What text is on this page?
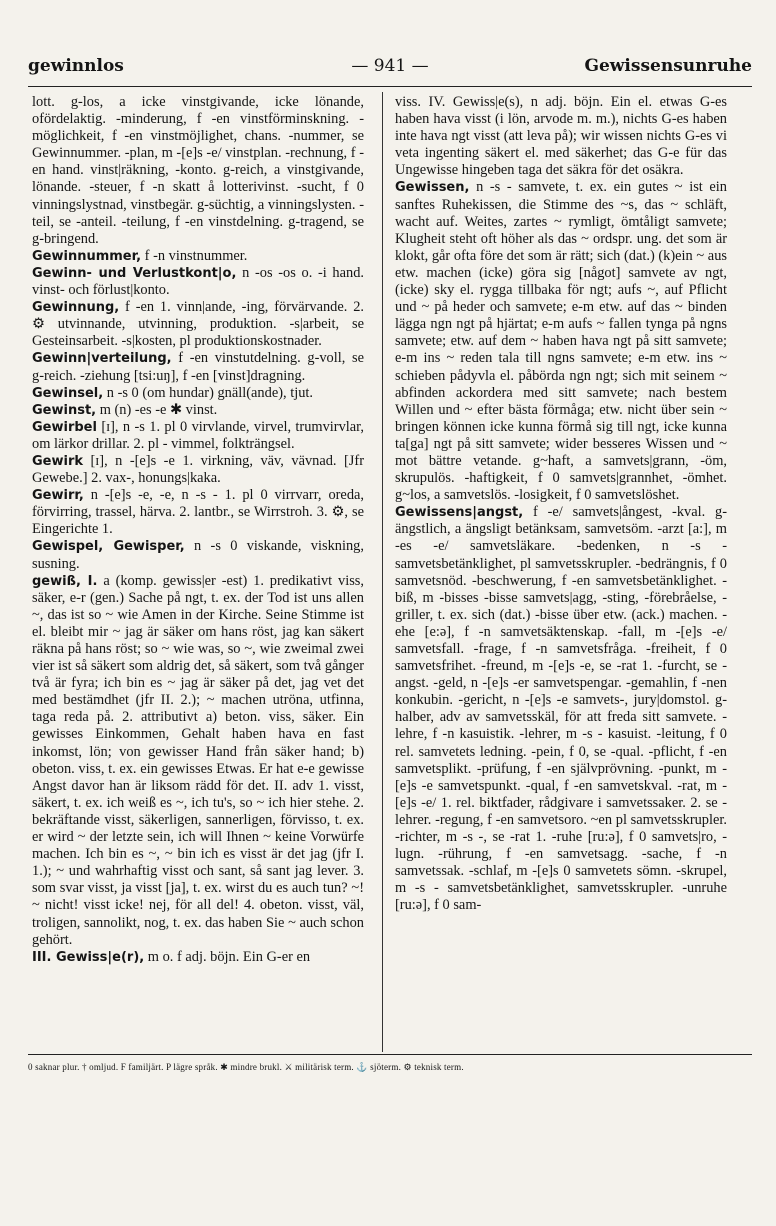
— 941 —
gewinnlos	Gewissensunruhe

lott. g-los, a icke vinstgivande, icke lönande, ofördelaktig. -minderung, f -en vinstförminskning. -möglichkeit, f -en vinstmöjlighet, chans. -nummer, se Gewinnummer. -plan, m -[e]s -e/ vinstplan. -rechnung, f -en hand. vinst|räkning, -konto. g-reich, a vinstgivande, lönande. -steuer, f -n skatt å lotterivinst. -sucht, f 0 vinningslystnad, vinstbegär. g-süchtig, a vinningslysten. -teil, se -anteil. -teilung, f -en vinstdelning. g-tragend, se g-bringend.

Gewinnummer, f -n vinstnummer.

Gewinn- und Verlustkont|o, n -os -os o. -i hand. vinst- och förlust|konto.

Gewinnung, f -en 1. vinn|ande, -ing, förvärvande. 2. ⚙ utvinnande, utvinning, produktion. -s|arbeit, se Gesteinsarbeit. -s|kosten, pl produktionskostnader.

Gewinn|verteilung, f -en vinstutdelning. g-voll, se g-reich. -ziehung [tsi:uŋ], f -en [vinst]dragning.

Gewinsel, n -s 0 (om hundar) gnäll(ande), tjut.

Gewinst, m (n) -es -e ✱ vinst.

Gewirbel [ɪ], n -s 1. pl 0 virvlande, virvel, trumvirvlar, om lärkor drillar. 2. pl - vimmel, folkträngsel.

Gewirk [ɪ], n -[e]s -e 1. virkning, väv, vävnad. [Jfr Gewebe.] 2. vax-, honungs|kaka.

Gewirr, n -[e]s -e, -e, n -s - 1. pl 0 virrvarr, oreda, förvirring, trassel, härva. 2. lantbr., se Wirrstroh. 3. ⚙, se Eingerichte 1.

Gewispel, Gewisper, n -s 0 viskande, viskning, susning.

gewiß, I. a (komp. gewiss|er -est) 1. predikativt viss, säker, e-r (gen.) Sache på ngt, t. ex. der Tod ist uns allen ~, das ist so ~ wie Amen in der Kirche. Seine Stimme ist el. bleibt mir ~ jag är säker om hans röst, jag kan säkert räkna på hans röst; so ~ wie was, so ~, wie zweimal zwei vier ist så säkert som aldrig det, så säkert, som två gånger två är fyra; ich bin es ~ jag är säker på det, jag vet det med bestämdhet (jfr II. 2.); ~ machen utröna, utfinna, taga reda på. 2. attributivt a) beton. viss, säker. Ein gewisses Einkommen, Gehalt haben hava en fast inkomst, lön; von gewisser Hand från säker hand; b) obeton. viss, t. ex. ein gewisses Etwas. Er hat e-e gewisse Angst davor han är liksom rädd för det. II. adv 1. visst, säkert, t. ex. ich weiß es ~, ich tu's, so ~ ich hier stehe. 2. bekräftande visst, säkerligen, sannerligen, förvisso, t. ex. er wird ~ der letzte sein, ich will Ihnen ~ keine Vorwürfe machen. Ich bin es ~, ~ bin ich es visst är det jag (jfr I. 1.); ~ und wahrhaftig visst och sant, så sant jag lever. 3. som svar visst, ja visst [ja], t. ex. wirst du es auch tun? ~! ~ nicht! visst icke! nej, för all del! 4. obeton. visst, väl, troligen, sannolikt, nog, t. ex. das haben Sie ~ auch schon gehört.

III. Gewiss|e(r), m o. f adj. böjn. Ein G-er en

viss. IV. Gewiss|e(s), n adj. böjn. Ein el. etwas G-es haben hava visst (i lön, arvode m. m.), nichts G-es haben inte hava ngt visst (att leva på); wir wissen nichts G-es vi veta ingenting säkert el. med säkerhet; das G-e für das Ungewisse hingeben taga det säkra för det osäkra.

Gewissen, n -s - samvete, t. ex. ein gutes ~ ist ein sanftes Ruhekissen, die Stimme des ~s, das ~ schläft, wacht auf. Weites, zartes ~ rymligt, ömtåligt samvete; Klugheit steht oft höher als das ~ ordspr. ung. det som är klokt, går ofta före det som är rätt; sich (dat.) (k)ein ~ aus etw. machen (icke) göra sig [något] samvete av ngt, (icke) sky el. rygga tillbaka för ngt; aufs ~, auf Pflicht und ~ på heder och samvete; e-m etw. auf das ~ binden lägga ngn ngt på hjärtat; e-m aufs ~ fallen tynga på ngns samvete; etw. auf dem ~ haben hava ngt på sitt samvete; e-m ins ~ reden tala till ngns samvete; e-m etw. ins ~ schieben pådyvla el. påbörda ngn ngt; sich mit seinem ~ abfinden ackordera med sitt samvete; nach bestem Willen und ~ efter bästa förmåga; etw. nicht über sein ~ bringen können icke kunna förmå sig till ngt, icke kunna ta[ga] ngt på sitt samvete; wider besseres Wissen und ~ mot bättre vetande. g~haft, a samvets|grann, -öm, skrupulös. -haftigkeit, f 0 samvets|grannhet, -ömhet. g~los, a samvetslös. -losigkeit, f 0 samvetslöshet.

Gewissens|angst, f -e/ samvets|ångest, -kval. g-ängstlich, a ängsligt betänksam, samvetsöm. -arzt [a:], m -es -e/ samvetsläkare. -bedenken, n -s - samvetsbetänklighet, pl samvetsskrupler. -bedrängnis, f 0 samvetsnöd. -beschwerung, f -en samvetsbetänklighet. -biß, m -bisses -bisse samvets|agg, -sting, -förebråelse, -griller, t. ex. sich (dat.) -bisse über etw. (ack.) machen. -ehe [e:ə], f -n samvetsäktenskap. -fall, m -[e]s -e/ samvetsfall. -frage, f -n samvetsfråga. -freiheit, f 0 samvetsfrihet. -freund, m -[e]s -e, se -rat 1. -furcht, se -angst. -geld, n -[e]s -er samvetspengar. -gemahlin, f -nen konkubin. -gericht, n -[e]s -e samvets-, jury|domstol. g-halber, adv av samvetsskäl, för att freda sitt samvete. -lehre, f -n kasuistik. -lehrer, m -s - kasuist. -leitung, f 0 rel. samvetets ledning. -pein, f 0, se -qual. -pflicht, f -en samvetsplikt. -prüfung, f -en självprövning. -punkt, m -[e]s -e samvetspunkt. -qual, f -en samvetskval. -rat, m -[e]s -e/ 1. rel. biktfader, rådgivare i samvetssaker. 2. se -lehrer. -regung, f -en samvetsoro. ~en pl samvetsskrupler. -richter, m -s -, se -rat 1. -ruhe [ru:ə], f 0 samvets|ro, -lugn. -rührung, f -en samvetsagg. -sache, f -n samvetssak. -schlaf, m -[e]s 0 samvetets sömn. -skrupel, m -s - samvetsbetänklighet, samvetsskrupler. -unruhe [ru:ə], f 0 sam-

0 saknar plur. † omljud. F familjärt. P lägre språk. ✱ mindre brukl. ⚔ militärisk term. ⚓ sjöterm. ⚙ teknisk term.
